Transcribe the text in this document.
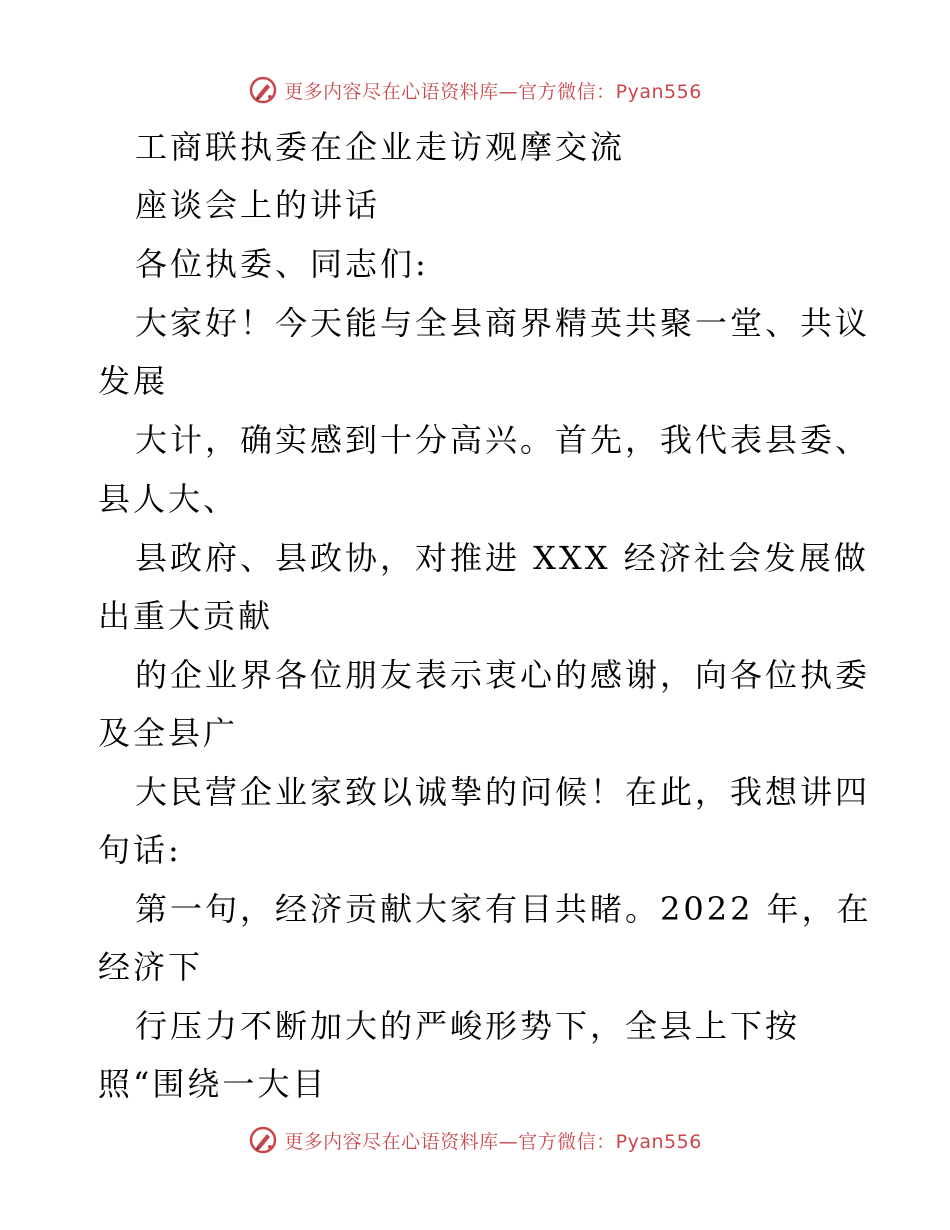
更多内容尽在心语资料库—官方微信：Pyan556
工商联执委在企业走访观摩交流
座谈会上的讲话
各位执委、同志们:
大家好！今天能与全县商界精英共聚一堂、共议
发展
大计，确实感到十分高兴。首先，我代表县委、
县人大、
县政府、县政协，对推进 XXX 经济社会发展做
出重大贡献
的企业界各位朋友表示衷心的感谢，向各位执委
及全县广
大民营企业家致以诚挚的问候！在此，我想讲四
句话:
第一句，经济贡献大家有目共睹。2022 年，在
经济下
行压力不断加大的严峻形势下，全县上下按
照“围绕一大目
更多内容尽在心语资料库—官方微信：Pyan556
